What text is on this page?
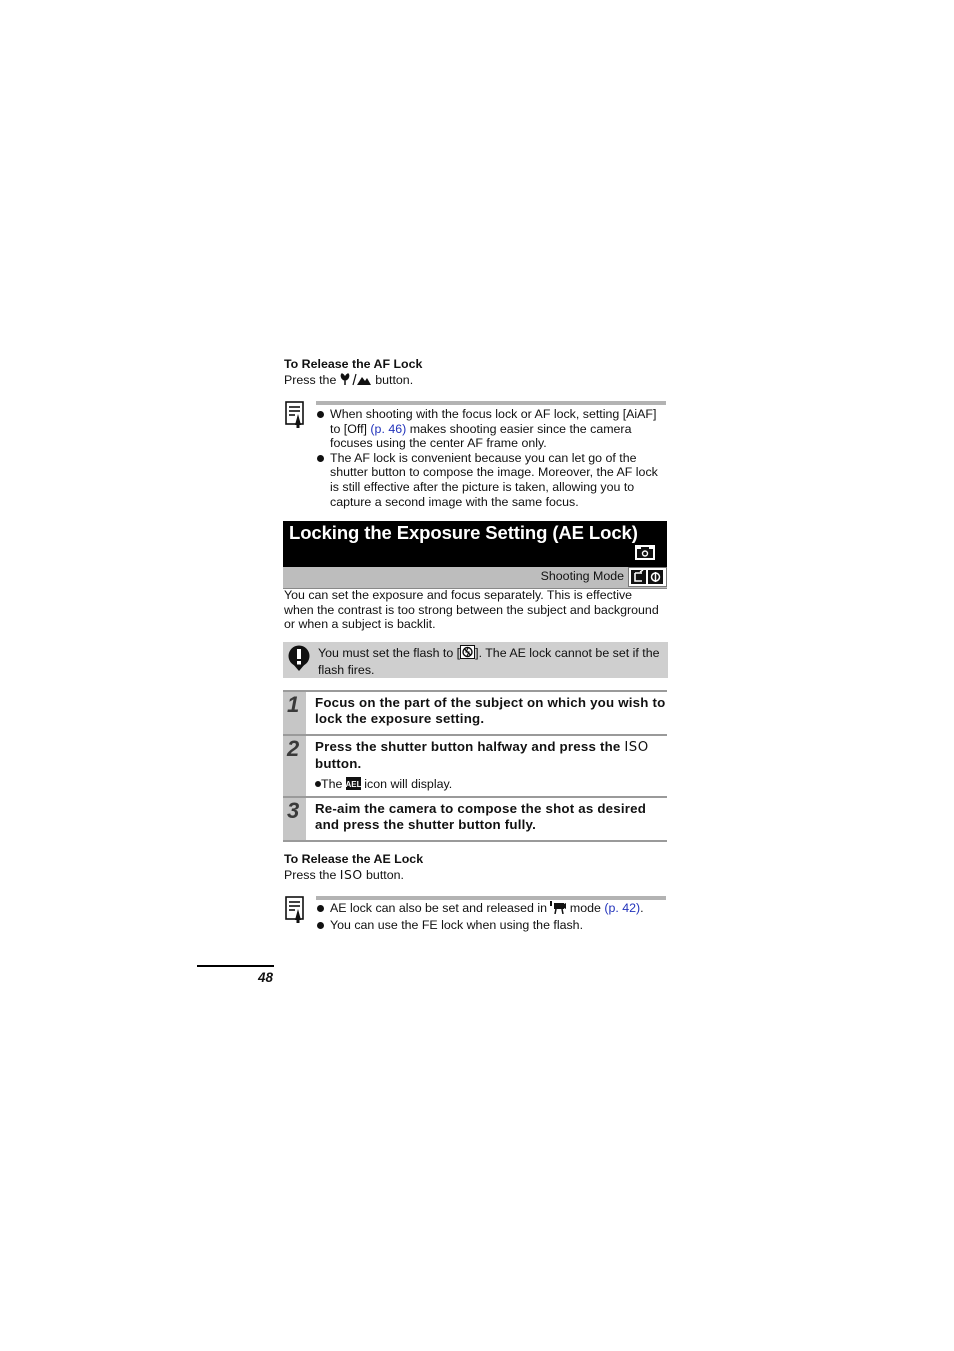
To Release the AF Lock
Press the	button.
When shooting with the focus lock or AF lock, setting [AiAF] to [Off] (p. 46) makes shooting easier since the camera focuses using the center AF frame only.
The AF lock is convenient because you can let go of the shutter button to compose the image. Moreover, the AF lock is still effective after the picture is taken, allowing you to capture a second image with the same focus.
Locking the Exposure Setting (AE Lock)
Shooting Mode
You can set the exposure and focus separately. This is effective when the contrast is too strong between the subject and background or when a subject is backlit.
You must set the flash to [ ]. The AE lock cannot be set if the flash fires.
1 Focus on the part of the subject on which you wish to lock the exposure setting.
2 Press the shutter button halfway and press the ISO button.
The AEL icon will display.
3 Re-aim the camera to compose the shot as desired and press the shutter button fully.
To Release the AE Lock
Press the ISO button.
AE lock can also be set and released in mode (p. 42).
You can use the FE lock when using the flash.
48
